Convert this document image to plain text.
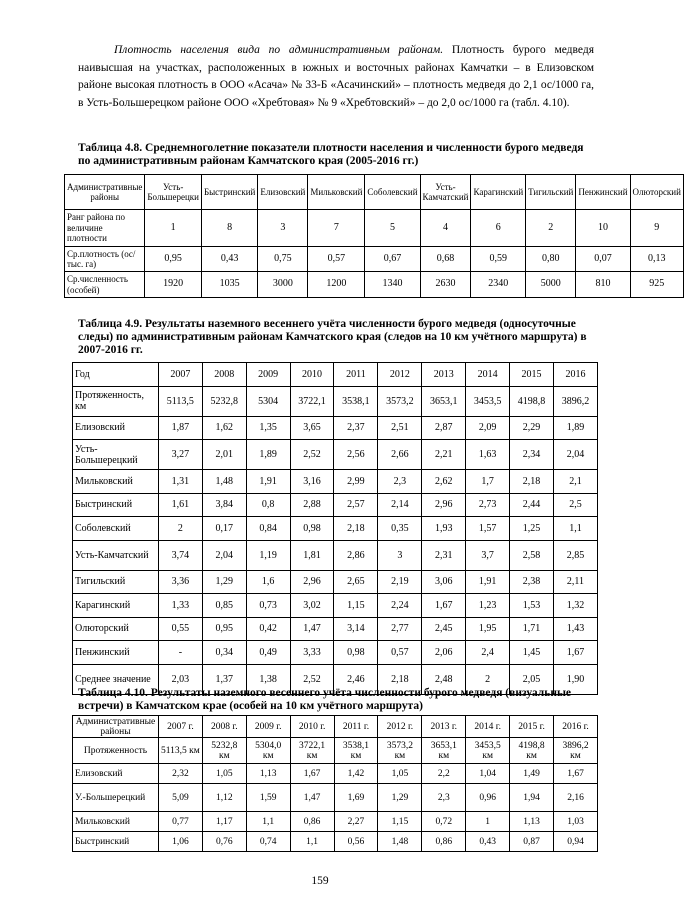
Плотность населения вида по административным районам. Плотность бурого медведя наивысшая на участках, расположенных в южных и восточных районах Камчатки – в Елизовском районе высокая плотность в ООО «Асача» № 33-Б «Асачинский» – плотность медведя до 2,1 ос/1000 га, в Усть-Большерецком районе ООО «Хребтовая» № 9 «Хребтовский» – до 2,0 ос/1000 га (табл. 4.10).

Таблица 4.8. Среднемноголетние показатели плотности населения и численности бурого медведя по административным районам Камчатского края (2005-2016 гг.)
Административные районы	Усть-Большерецки	Быстринский	Елизовский	Мильковский	Соболевский	Усть-Камчатский	Карагинский	Тигильский	Пенжинский	Олюторский
Ранг района по величине плотности	1	8	3	7	5	4	6	2	10	9
Ср.плотность (ос/тыс. га)	0,95	0,43	0,75	0,57	0,67	0,68	0,59	0,80	0,07	0,13
Ср.численность (особей)	1920	1035	3000	1200	1340	2630	2340	5000	810	925
Таблица 4.9. Результаты наземного весеннего учёта численности бурого медведя (односуточные следы) по административным районам Камчатского края (следов на 10 км учётного маршрута) в 2007-2016 гг.
Год	2007	2008	2009	2010	2011	2012	2013	2014	2015	2016
Протяженность, км	5113,5	5232,8	5304	3722,1	3538,1	3573,2	3653,1	3453,5	4198,8	3896,2
Елизовский	1,87	1,62	1,35	3,65	2,37	2,51	2,87	2,09	2,29	1,89
Усть-Большерецкий	3,27	2,01	1,89	2,52	2,56	2,66	2,21	1,63	2,34	2,04
Мильковский	1,31	1,48	1,91	3,16	2,99	2,3	2,62	1,7	2,18	2,1
Быстринский	1,61	3,84	0,8	2,88	2,57	2,14	2,96	2,73	2,44	2,5
Соболевский	2	0,17	0,84	0,98	2,18	0,35	1,93	1,57	1,25	1,1
Усть-Камчатский	3,74	2,04	1,19	1,81	2,86	3	2,31	3,7	2,58	2,85
Тигильский	3,36	1,29	1,6	2,96	2,65	2,19	3,06	1,91	2,38	2,11
Карагинский	1,33	0,85	0,73	3,02	1,15	2,24	1,67	1,23	1,53	1,32
Олюторский	0,55	0,95	0,42	1,47	3,14	2,77	2,45	1,95	1,71	1,43
Пенжинский	-	0,34	0,49	3,33	0,98	0,57	2,06	2,4	1,45	1,67
Среднее значение	2,03	1,37	1,38	2,52	2,46	2,18	2,48	2	2,05	1,90
Таблица 4.10. Результаты наземного весеннего учёта численности бурого медведя (визуальные встречи) в Камчатском крае (особей на 10 км учётного маршрута)
Административные районы	2007 г.	2008 г.	2009 г.	2010 г.	2011 г.	2012 г.	2013 г.	2014 г.	2015 г.	2016 г.
Протяженность	5113,5 км	5232,8 км	5304,0 км	3722,1 км	3538,1 км	3573,2 км	3653,1 км	3453,5 км	4198,8 км	3896,2 км
Елизовский	2,32	1,05	1,13	1,67	1,42	1,05	2,2	1,04	1,49	1,67
У.-Большерецкий	5,09	1,12	1,59	1,47	1,69	1,29	2,3	0,96	1,94	2,16
Мильковский	0,77	1,17	1,1	0,86	2,27	1,15	0,72	1	1,13	1,03
Быстринский	1,06	0,76	0,74	1,1	0,56	1,48	0,86	0,43	0,87	0,94
159
